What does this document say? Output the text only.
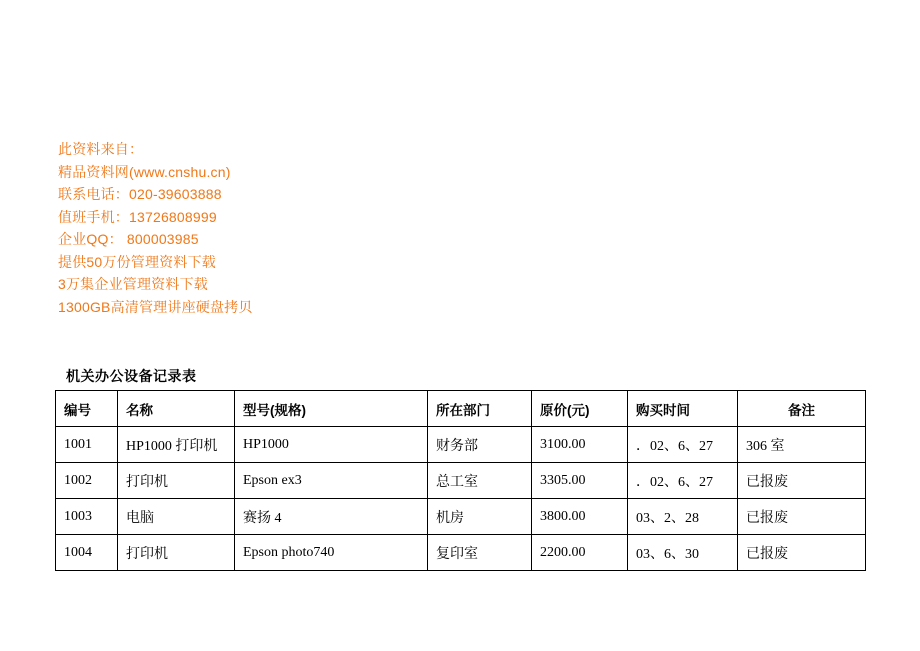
此资料来自：
精品资料网(www.cnshu.cn)
联系电话：020-39603888
值班手机：13726808999
企业QQ： 800003985
提供50万份管理资料下载
3万集企业管理资料下载
1300GB高清管理讲座硬盘拷贝
机关办公设备记录表
编号	名称	型号(规格)	所在部门	原价(元)	购买时间	备注
1001	HP1000 打印机	HP1000	财务部	3100.00	．02、6、27	306 室
1002	打印机	Epson ex3	总工室	3305.00	．02、6、27	已报废
1003	电脑	赛扬 4	机房	3800.00	03、2、28	已报废
1004	打印机	Epson photo740	复印室	2200.00	03、6、30	已报废
